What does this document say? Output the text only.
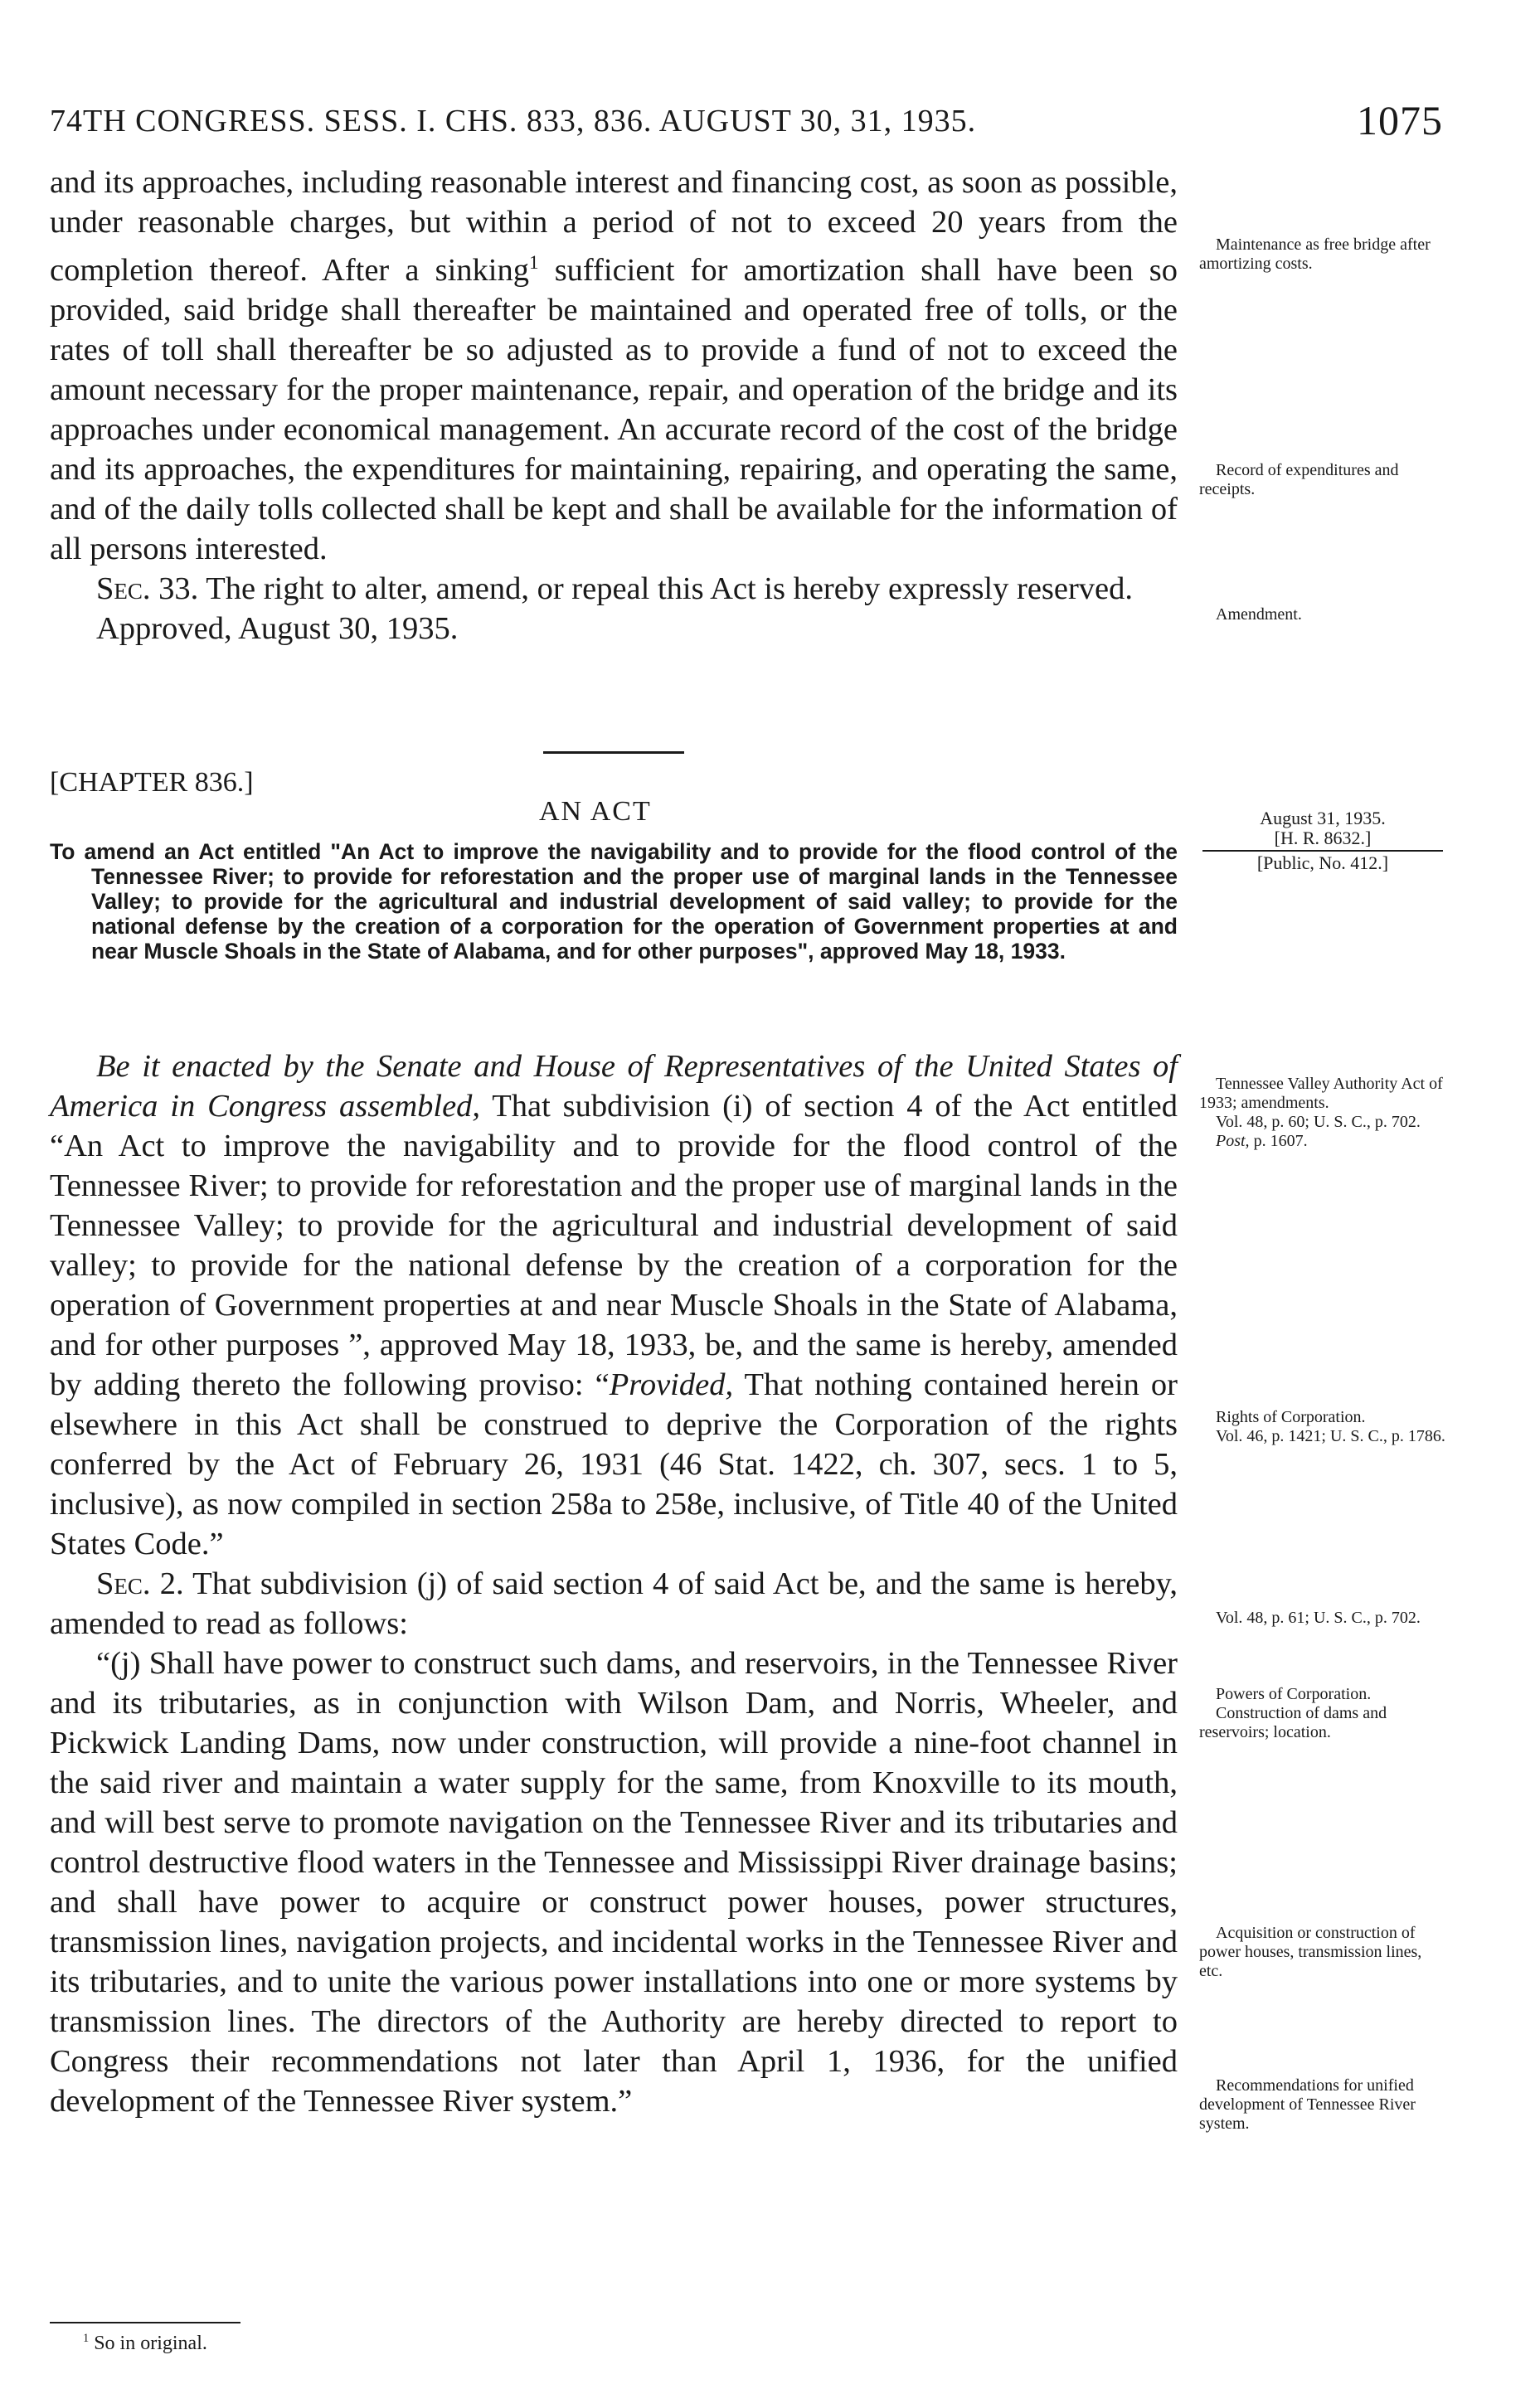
74TH CONGRESS. SESS. I. CHS. 833, 836. AUGUST 30, 31, 1935.	1075

and its approaches, including reasonable interest and financing cost, as soon as possible, under reasonable charges, but within a period of not to exceed 20 years from the completion thereof. After a sinking$^1$ sufficient for amortization shall have been so provided, said bridge shall thereafter be maintained and operated free of tolls, or the rates of toll shall thereafter be so adjusted as to provide a fund of not to exceed the amount necessary for the proper maintenance, repair, and operation of the bridge and its approaches under economical management. An accurate record of the cost of the bridge and its approaches, the expenditures for maintaining, repairing, and operating the same, and of the daily tolls collected shall be kept and shall be available for the information of all persons interested.

Sec. 33. The right to alter, amend, or repeal this Act is hereby expressly reserved.

Approved, August 30, 1935.

Maintenance as free bridge after amortizing costs.
Record of expenditures and receipts.
Amendment.
[CHAPTER 836.]
AN ACT	August 31, 1935.
[H. R. 8632.]
[Public, No. 412.]

To amend an Act entitled "An Act to improve the navigability and to provide for the flood control of the Tennessee River; to provide for reforestation and the proper use of marginal lands in the Tennessee Valley; to provide for the agricultural and industrial development of said valley; to provide for the national defense by the creation of a corporation for the operation of Government properties at and near Muscle Shoals in the State of Alabama, and for other purposes", approved May 18, 1933.

Be it enacted by the Senate and House of Representatives of the United States of America in Congress assembled, That subdivision (i) of section 4 of the Act entitled “An Act to improve the navigability and to provide for the flood control of the Tennessee River; to provide for reforestation and the proper use of marginal lands in the Tennessee Valley; to provide for the agricultural and industrial development of said valley; to provide for the national defense by the creation of a corporation for the operation of Government properties at and near Muscle Shoals in the State of Alabama, and for other purposes ”, approved May 18, 1933, be, and the same is hereby, amended by adding thereto the following proviso: “Provided, That nothing contained herein or elsewhere in this Act shall be construed to deprive the Corporation of the rights conferred by the Act of February 26, 1931 (46 Stat. 1422, ch. 307, secs. 1 to 5, inclusive), as now compiled in section 258a to 258e, inclusive, of Title 40 of the United States Code.”

Sec. 2. That subdivision (j) of said section 4 of said Act be, and the same is hereby, amended to read as follows:

“(j) Shall have power to construct such dams, and reservoirs, in the Tennessee River and its tributaries, as in conjunction with Wilson Dam, and Norris, Wheeler, and Pickwick Landing Dams, now under construction, will provide a nine-foot channel in the said river and maintain a water supply for the same, from Knoxville to its mouth, and will best serve to promote navigation on the Tennessee River and its tributaries and control destructive flood waters in the Tennessee and Mississippi River drainage basins; and shall have power to acquire or construct power houses, power structures, transmission lines, navigation projects, and incidental works in the Tennessee River and its tributaries, and to unite the various power installations into one or more systems by transmission lines. The directors of the Authority are hereby directed to report to Congress their recommendations not later than April 1, 1936, for the unified development of the Tennessee River system.”

Tennessee Valley Authority Act of 1933; amendments.
Vol. 48, p. 60; U. S. C., p. 702.
Post, p. 1607.
Rights of Corporation.
Vol. 46, p. 1421; U. S. C., p. 1786.
Vol. 48, p. 61; U. S. C., p. 702.
Powers of Corporation.
Construction of dams and reservoirs; location.
Acquisition or construction of power houses, transmission lines, etc.
Recommendations for unified development of Tennessee River system.
$^1$ So in original.
